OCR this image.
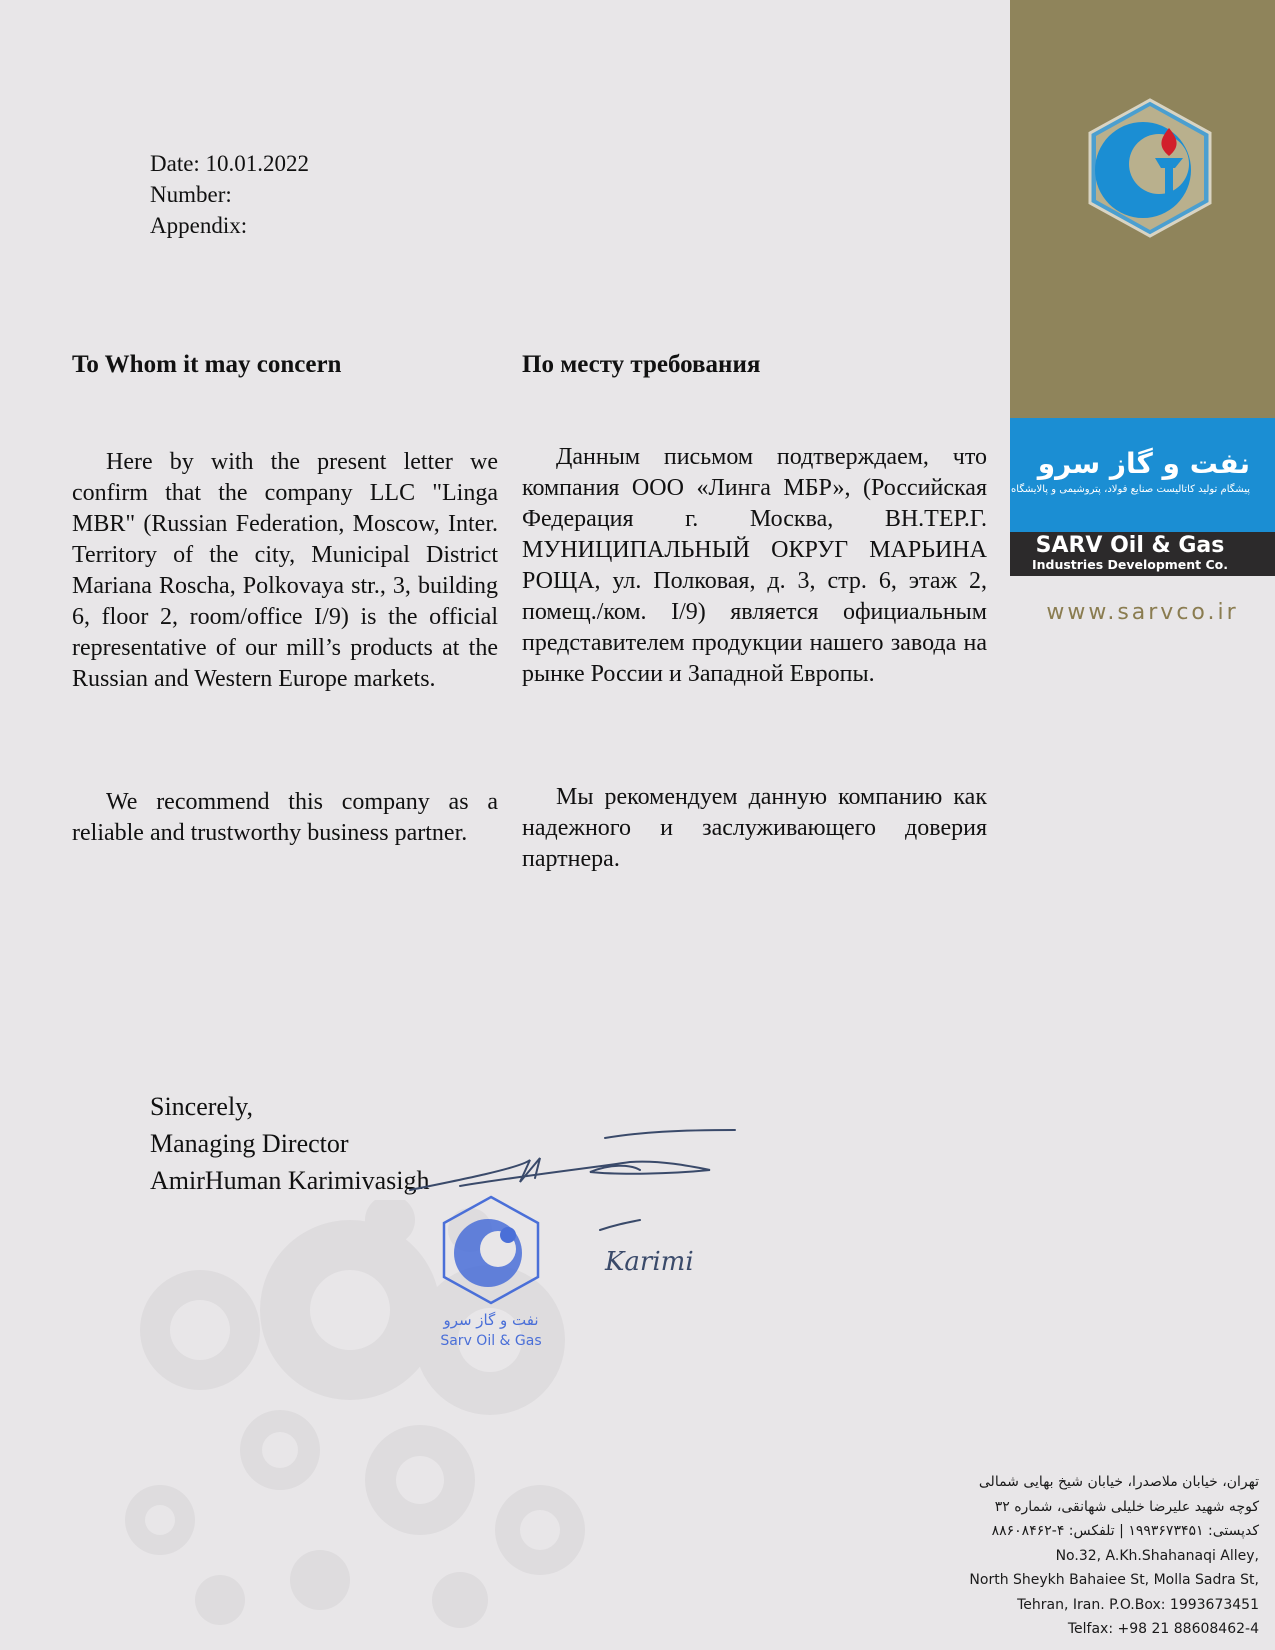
Date: 10.01.2022
Number:
Appendix:
To Whom it may concern

Here by with the present letter we confirm that the company LLC "Linga MBR" (Russian Federation, Moscow, Inter. Territory of the city, Municipal District Mariana Roscha, Polkovaya str., 3, building 6, floor 2, room/office I/9) is the official representative of our mill’s products at the Russian and Western Europe markets.

We recommend this company as a reliable and trustworthy business partner.

По месту требования

Данным письмом подтверждаем, что компания ООО «Линга МБР», (Российская Федерация г. Москва, ВН.ТЕР.Г. МУНИЦИПАЛЬНЫЙ ОКРУГ МАРЬИНА РОЩА, ул. Полковая, д. 3, стр. 6, этаж 2, помещ./ком. I/9) является официальным представителем продукции нашего завода на рынке России и Западной Европы.

Мы рекомендуем данную компанию как надежного и заслуживающего доверия партнера.

Sincerely,
Managing Director
AmirHuman Karimivasigh
Karimi
نفت و گاز سرو
Sarv Oil & Gas
نفت و گاز سرو
پیشگام تولید کاتالیست صنایع فولاد، پتروشیمی و پالایشگاه
SARV Oil & Gas
Industries Development Co.
www.sarvco.ir
تهران، خیابان ملاصدرا، خیابان شیخ بهایی شمالی
کوچه شهید علیرضا خلیلی شهانقی، شماره ۳۲
کدپستی: ۱۹۹۳۶۷۳۴۵۱ | تلفکس: ۴-۸۸۶۰۸۴۶۲
No.32, A.Kh.Shahanaqi Alley,
North Sheykh Bahaiee St, Molla Sadra St,
Tehran, Iran. P.O.Box: 1993673451
Telfax: +98 21 88608462-4
